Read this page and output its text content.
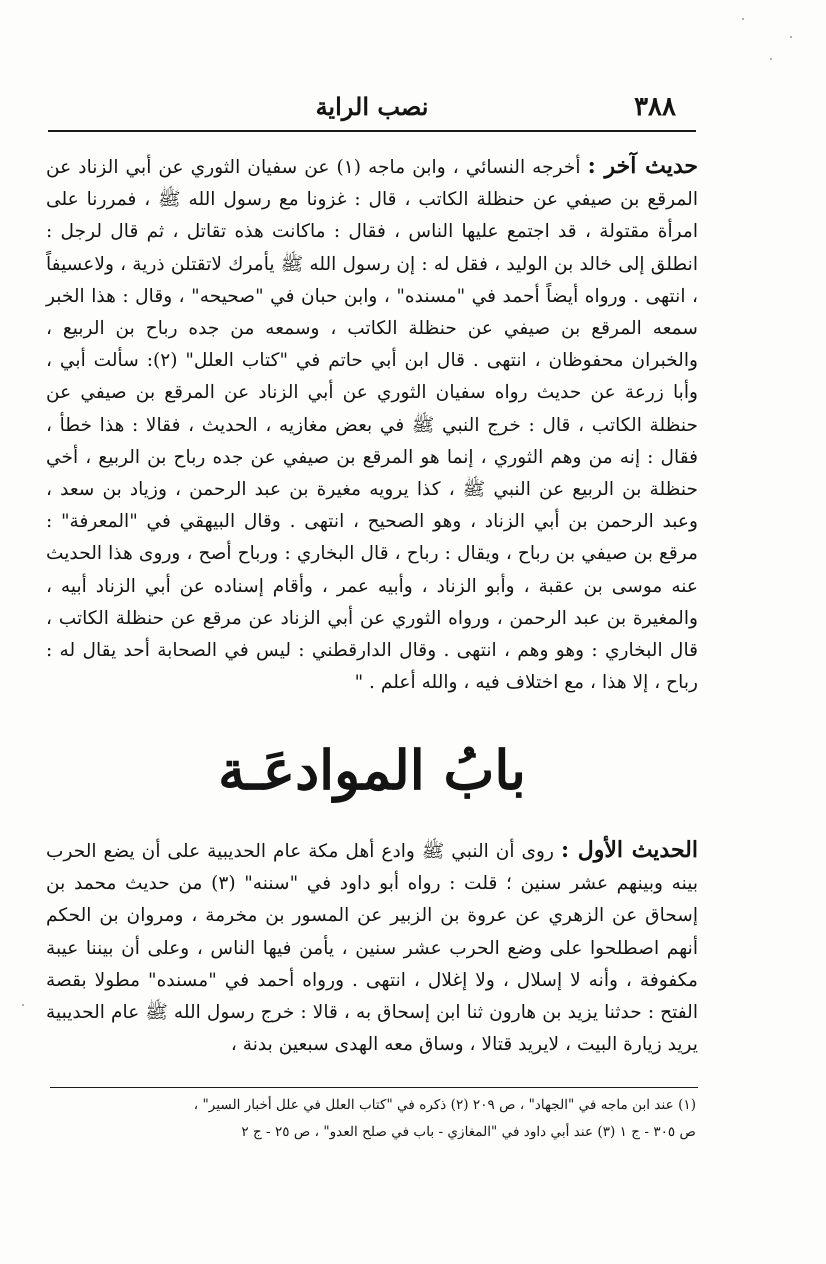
٣٨٨
نصب الراية

حديث آخر : أخرجه النسائي ، وابن ماجه (١) عن سفيان الثوري عن أبي الزناد عن المرقع بن صيفي عن حنظلة الكاتب ، قال : غزونا مع رسول الله ﷺ ، فمررنا على امرأة مقتولة ، قد اجتمع عليها الناس ، فقال : ماكانت هذه تقاتل ، ثم قال لرجل : انطلق إلى خالد بن الوليد ، فقل له : إن رسول الله ﷺ يأمرك لاتقتلن ذرية ، ولاعسيفاً ، انتهى . ورواه أيضاً أحمد في "مسنده" ، وابن حبان في "صحيحه" ، وقال : هذا الخبر سمعه المرقع بن صيفي عن حنظلة الكاتب ، وسمعه من جده رباح بن الربيع ، والخبران محفوظان ، انتهى . قال ابن أبي حاتم في "كتاب العلل" (٢): سألت أبي ، وأبا زرعة عن حديث رواه سفيان الثوري عن أبي الزناد عن المرقع بن صيفي عن حنظلة الكاتب ، قال : خرج النبي ﷺ في بعض مغازيه ، الحديث ، فقالا : هذا خطأ ، فقال : إنه من وهم الثوري ، إنما هو المرقع بن صيفي عن جده رباح بن الربيع ، أخي حنظلة بن الربيع عن النبي ﷺ ، كذا يرويه مغيرة بن عبد الرحمن ، وزياد بن سعد ، وعبد الرحمن بن أبي الزناد ، وهو الصحيح ، انتهى . وقال البيهقي في "المعرفة" : مرقع بن صيفي بن رباح ، ويقال : رباح ، قال البخاري : ورباح أصح ، وروى هذا الحديث عنه موسى بن عقبة ، وأبو الزناد ، وأبيه عمر ، وأقام إسناده عن أبي الزناد أبيه ، والمغيرة بن عبد الرحمن ، ورواه الثوري عن أبي الزناد عن مرقع عن حنظلة الكاتب ، قال البخاري : وهو وهم ، انتهى . وقال الدارقطني : ليس في الصحابة أحد يقال له : رباح ، إلا هذا ، مع اختلاف فيه ، والله أعلم . "

بابُ الموادعَـة

الحديث الأول : روى أن النبي ﷺ وادع أهل مكة عام الحديبية على أن يضع الحرب بينه وبينهم عشر سنين ؛ قلت : رواه أبو داود في "سننه" (٣) من حديث محمد بن إسحاق عن الزهري عن عروة بن الزبير عن المسور بن مخرمة ، ومروان بن الحكم أنهم اصطلحوا على وضع الحرب عشر سنين ، يأمن فيها الناس ، وعلى أن بيننا عيبة مكفوفة ، وأنه لا إسلال ، ولا إغلال ، انتهى . ورواه أحمد في "مسنده" مطولا بقصة الفتح : حدثنا يزيد بن هارون ثنا ابن إسحاق به ، قالا : خرج رسول الله ﷺ عام الحديبية يريد زيارة البيت ، لايريد قتالا ، وساق معه الهدى سبعين بدنة ،

(١) عند ابن ماجه في "الجهاد" ، ص ٢٠٩ (٢) ذكره في "كتاب العلل في علل أخبار السير" ،

ص ٣٠٥ - ج ١ (٣) عند أبي داود في "المغازي - باب في صلح العدو" ، ص ٢٥ - ج ٢
